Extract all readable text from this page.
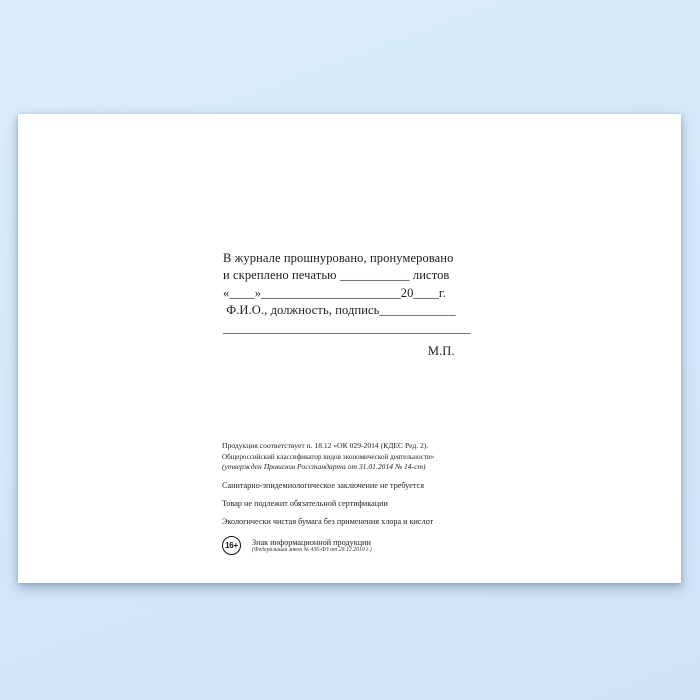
В журнале прошнуровано, пронумеровано
и скреплено печатью ___________ листов
«____»______________________20____г.
Ф.И.О., должность, подпись____________
_______________________________________
М.П.
Продукция соответствует п. 18.12 «ОК 029-2014 (КДЕС Ред. 2).
Общероссийский классификатор видов экономической деятельности»
(утвержден Приказом Росстандарта от 31.01.2014 № 14-ст)
Санитарно-эпидемиологическое заключение не требуется
Товар не подлежит обязательной сертификации
Экологически чистая бумага без применения хлора и кислот
16+	Знак информационной продукции
(Федеральный закон № 436-ФЗ от 29.12.2010 г.)
